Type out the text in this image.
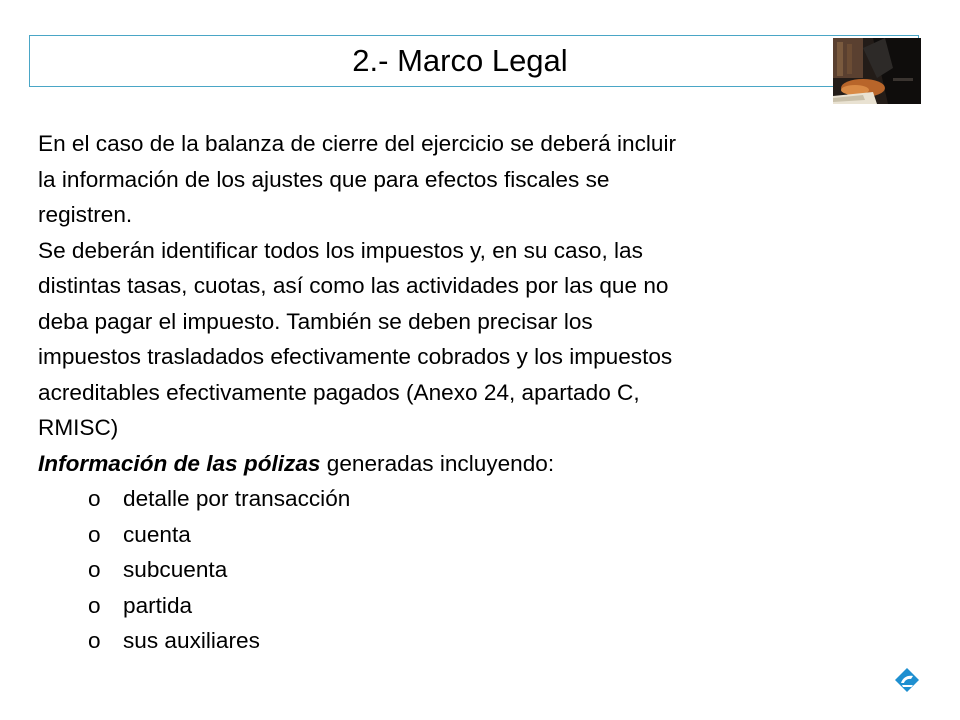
2.- Marco Legal

En el caso de la balanza de cierre del ejercicio se deberá incluir

la información de los ajustes que para efectos fiscales se

registren.

Se deberán identificar todos los impuestos y, en su caso, las

distintas tasas, cuotas, así como las actividades por las que no

deba pagar el impuesto. También se deben precisar los

impuestos trasladados efectivamente cobrados y los impuestos

acreditables efectivamente pagados (Anexo 24, apartado C,

RMISC)

Información de las pólizas generadas incluyendo:

o detalle por transacción
o cuenta
o subcuenta
o partida
o sus auxiliares
